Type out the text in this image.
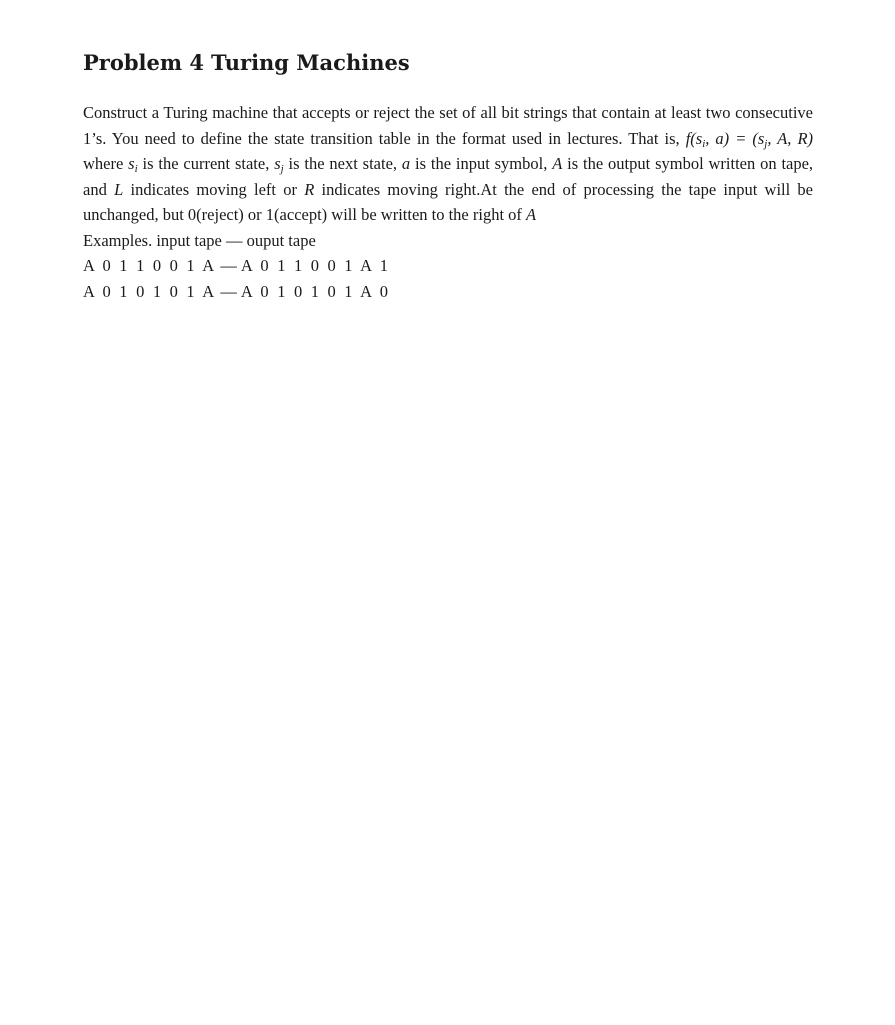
Problem 4 Turing Machines

Construct a Turing machine that accepts or reject the set of all bit strings that contain at least two consecutive 1’s. You need to define the state transition table in the format used in lectures. That is, $f(s_i$, $a) = (s_j$, A, R) where $s_i$ is the current state, $s_j$ is the next state, a is the input symbol, A is the output symbol written on tape, and L indicates moving left or R indicates moving right.At the end of processing the tape input will be unchanged, but 0(reject) or 1(accept) will be written to the right of A

Examples. input tape — ouput tape

A 0 1 1 0 0 1 A — A 0 1 1 0 0 1 A 1

A 0 1 0 1 0 1 A — A 0 1 0 1 0 1 A 0
